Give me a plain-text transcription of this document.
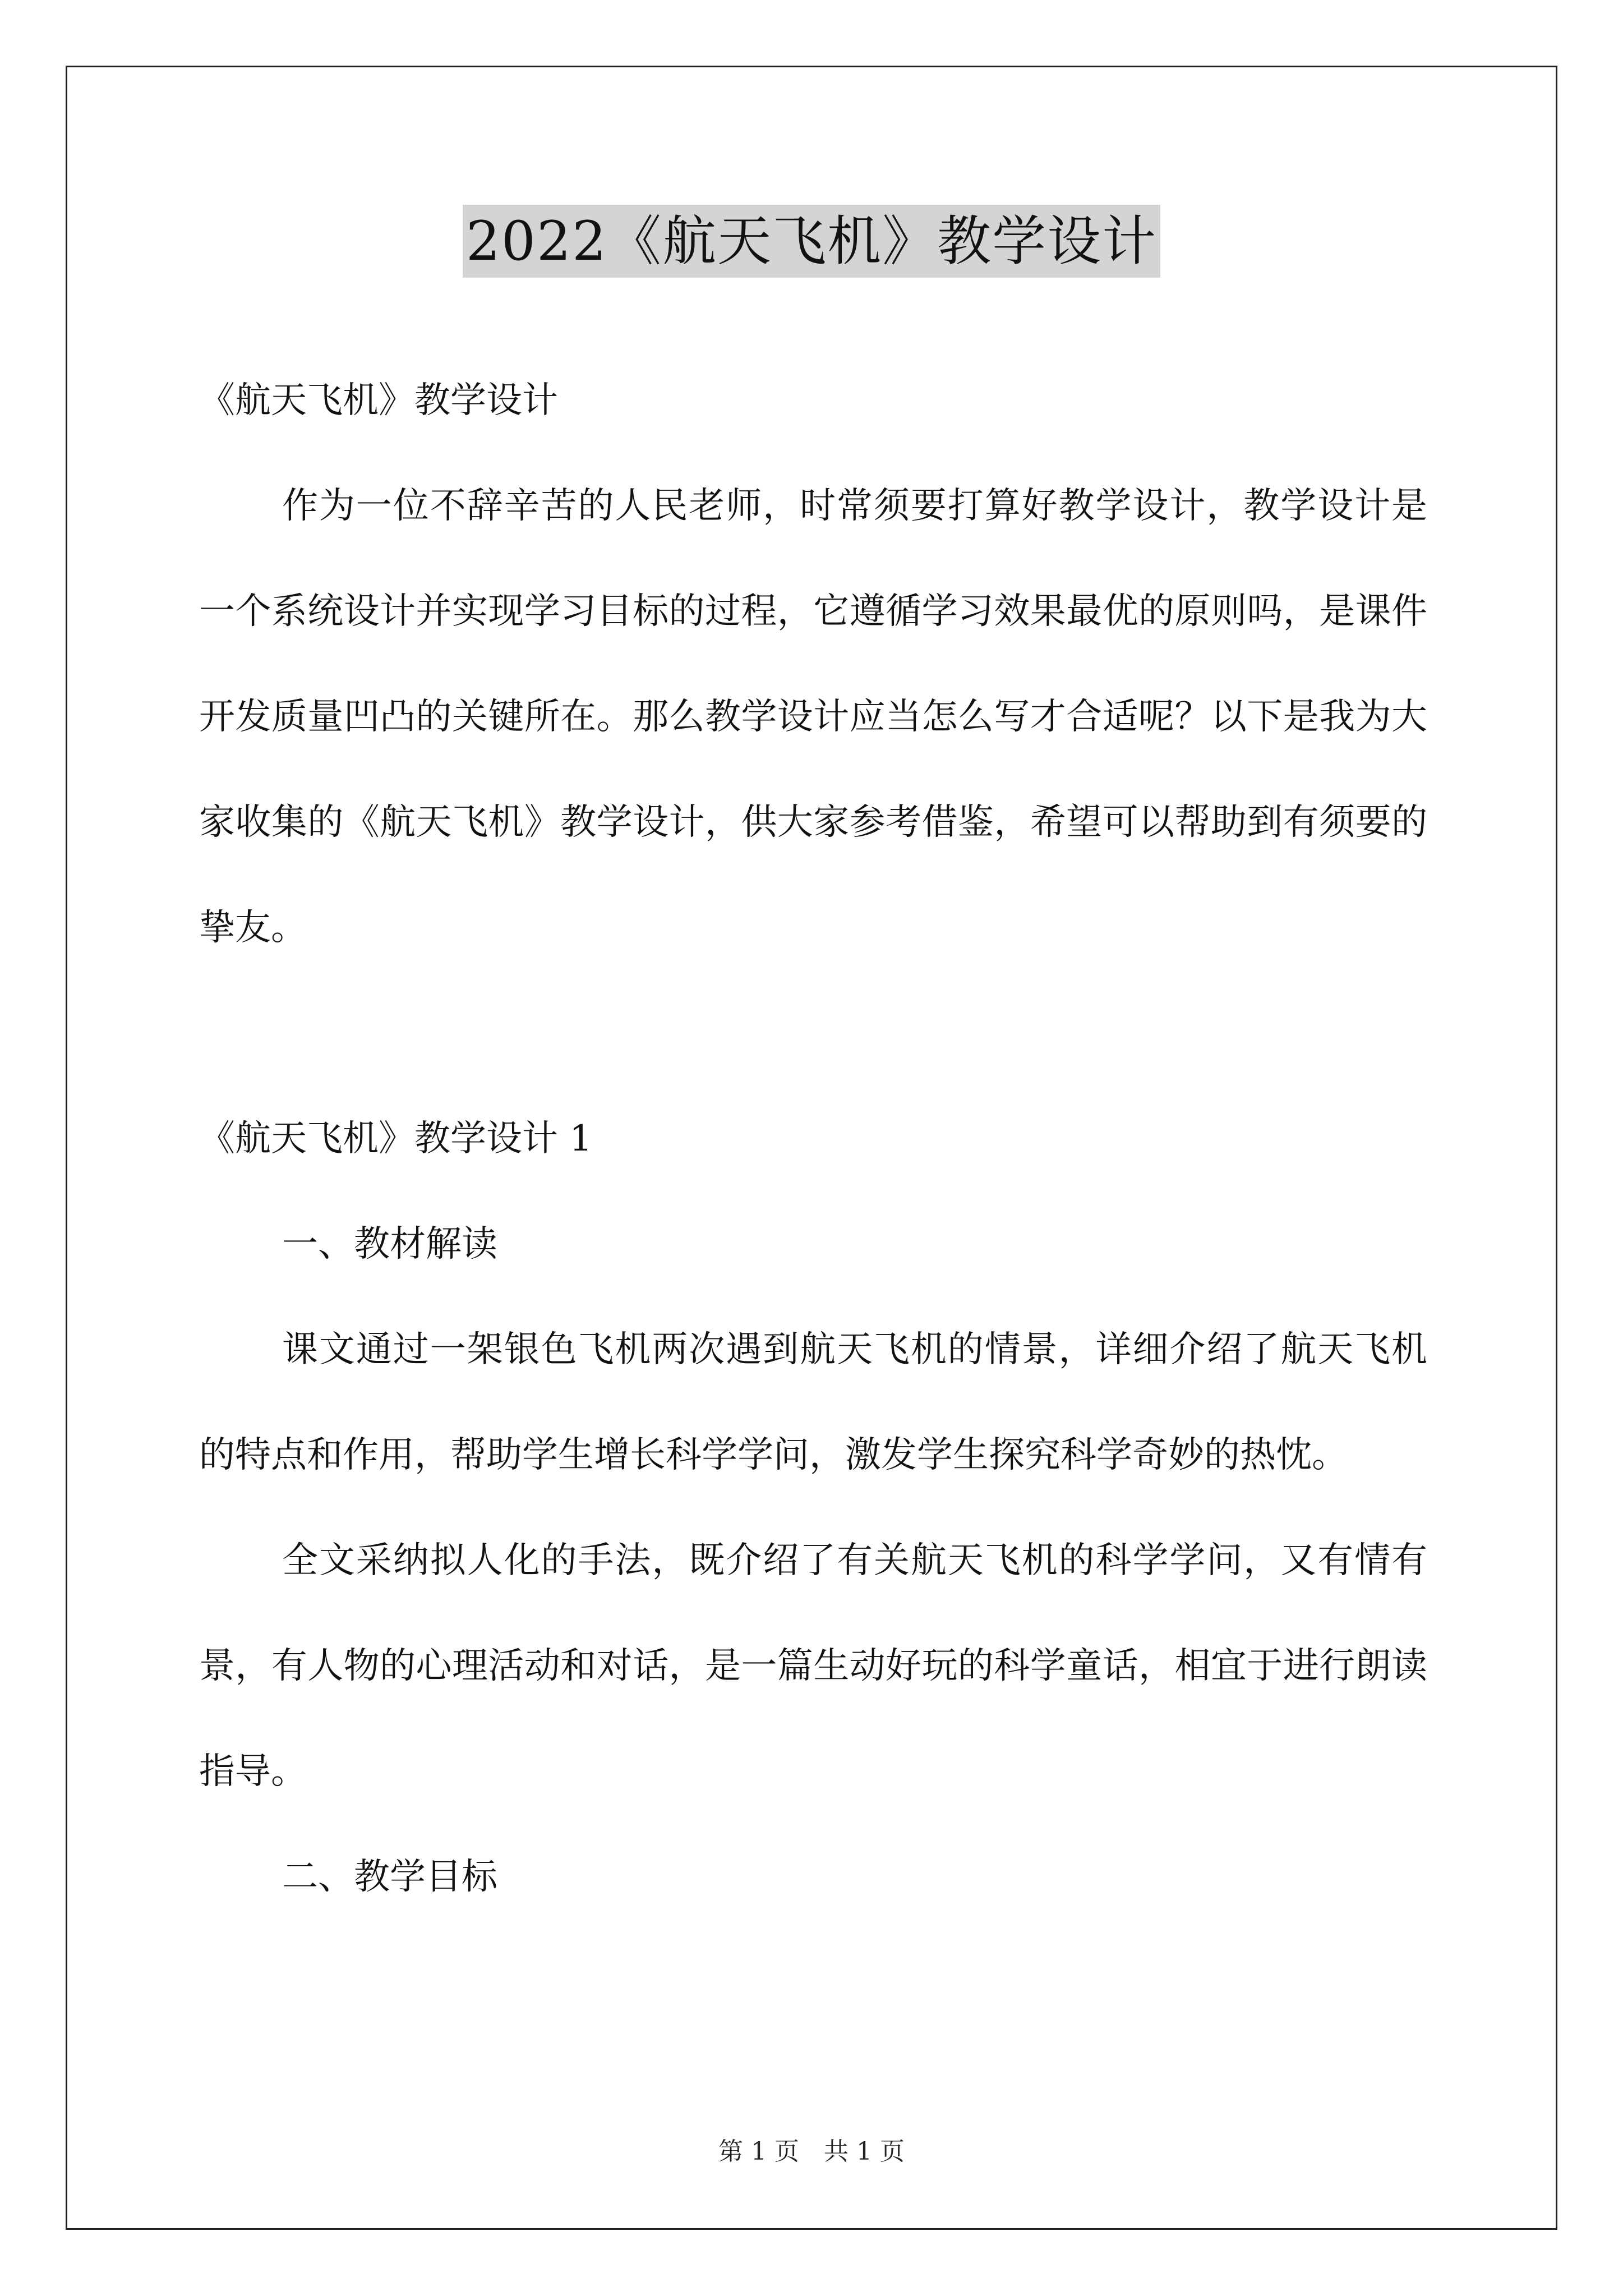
2022《航天飞机》教学设计

《航天飞机》教学设计

作为一位不辞辛苦的人民老师，时常须要打算好教学设计，教学设计是一个系统设计并实现学习目标的过程，它遵循学习效果最优的原则吗，是课件开发质量凹凸的关键所在。那么教学设计应当怎么写才合适呢？以下是我为大家收集的《航天飞机》教学设计，供大家参考借鉴，希望可以帮助到有须要的挚友。

《航天飞机》教学设计 1

一、教材解读

课文通过一架银色飞机两次遇到航天飞机的情景，详细介绍了航天飞机的特点和作用，帮助学生增长科学学问，激发学生探究科学奇妙的热忱。

全文采纳拟人化的手法，既介绍了有关航天飞机的科学学问，又有情有景，有人物的心理活动和对话，是一篇生动好玩的科学童话，相宜于进行朗读指导。

二、教学目标

第 1 页 共 1 页
